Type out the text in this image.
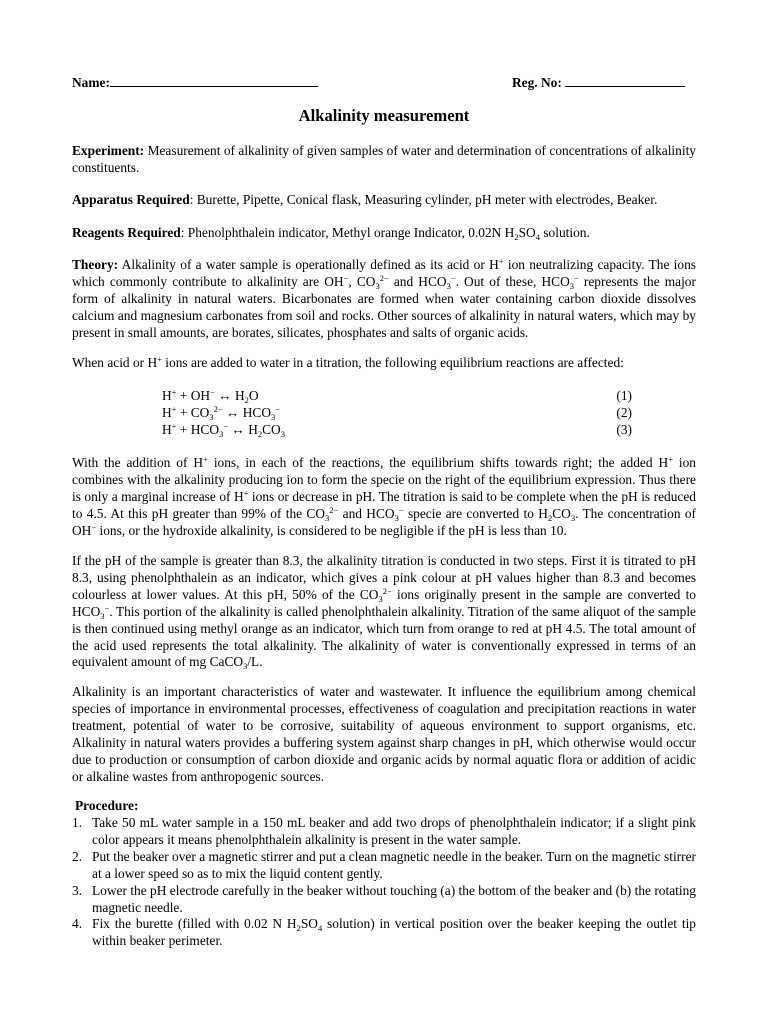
Name:	Reg. No:
Alkalinity measurement
Experiment: Measurement of alkalinity of given samples of water and determination of concentrations of alkalinity constituents.
Apparatus Required: Burette, Pipette, Conical flask, Measuring cylinder, pH meter with electrodes, Beaker.
Reagents Required: Phenolphthalein indicator, Methyl orange Indicator, 0.02N $H_2SO_4$ solution.
Theory: Alkalinity of a water sample is operationally defined as its acid or H+ ion neutralizing capacity. The ions which commonly contribute to alkalinity are OH−, $CO_3^{2-}$ and $HCO_3^-$. Out of these, $HCO_3^-$ represents the major form of alkalinity in natural waters. Bicarbonates are formed when water containing carbon dioxide dissolves calcium and magnesium carbonates from soil and rocks. Other sources of alkalinity in natural waters, which may by present in small amounts, are borates, silicates, phosphates and salts of organic acids.
When acid or H+ ions are added to water in a titration, the following equilibrium reactions are affected:
H+ + OH− ↔ $H_2O$	(1)
$H^+ + CO_3^{2-}$ ↔ $HCO_3^-$	(2)
$H^+ + HCO_3^-$ ↔ $H_2CO_3$	(3)
With the addition of H+ ions, in each of the reactions, the equilibrium shifts towards right; the added H+ ion combines with the alkalinity producing ion to form the specie on the right of the equilibrium expression. Thus there is only a marginal increase of H+ ions or decrease in pH. The titration is said to be complete when the pH is reduced to 4.5. At this pH greater than 99% of the $CO_3^{2-}$ and $HCO_3^-$ specie are converted to $H_2CO_3$. The concentration of OH− ions, or the hydroxide alkalinity, is considered to be negligible if the pH is less than 10.
If the pH of the sample is greater than 8.3, the alkalinity titration is conducted in two steps. First it is titrated to pH 8.3, using phenolphthalein as an indicator, which gives a pink colour at pH values higher than 8.3 and becomes colourless at lower values. At this pH, 50% of the $CO_3^{2-}$ ions originally present in the sample are converted to $HCO_3^-$. This portion of the alkalinity is called phenolphthalein alkalinity. Titration of the same aliquot of the sample is then continued using methyl orange as an indicator, which turn from orange to red at pH 4.5. The total amount of the acid used represents the total alkalinity. The alkalinity of water is conventionally expressed in terms of an equivalent amount of mg CaCO$_3$/L.
Alkalinity is an important characteristics of water and wastewater. It influence the equilibrium among chemical species of importance in environmental processes, effectiveness of coagulation and precipitation reactions in water treatment, potential of water to be corrosive, suitability of aqueous environment to support organisms, etc. Alkalinity in natural waters provides a buffering system against sharp changes in pH, which otherwise would occur due to production or consumption of carbon dioxide and organic acids by normal aquatic flora or addition of acidic or alkaline wastes from anthropogenic sources.
Procedure:
1. Take 50 mL water sample in a 150 mL beaker and add two drops of phenolphthalein indicator; if a slight pink color appears it means phenolphthalein alkalinity is present in the water sample.
2. Put the beaker over a magnetic stirrer and put a clean magnetic needle in the beaker. Turn on the magnetic stirrer at a lower speed so as to mix the liquid content gently.
3. Lower the pH electrode carefully in the beaker without touching (a) the bottom of the beaker and (b) the rotating magnetic needle.
4. Fix the burette (filled with 0.02 N $H_2SO_4$ solution) in vertical position over the beaker keeping the outlet tip within beaker perimeter.
